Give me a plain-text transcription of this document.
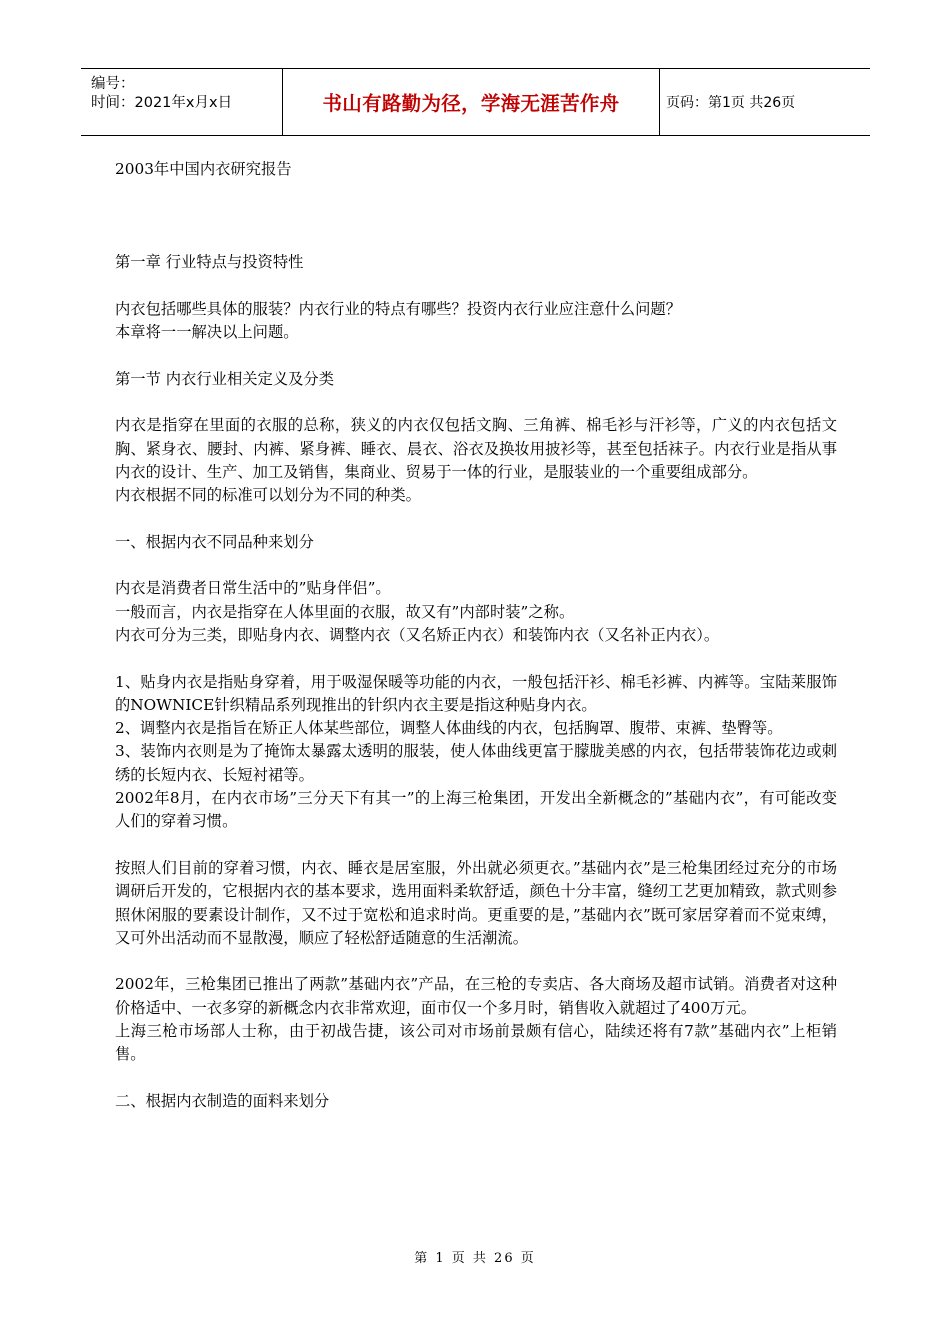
编号：
时间：2021年x月x日	书山有路勤为径，学海无涯苦作舟	页码：第1页 共26页

2003年中国内衣研究报告

第一章 行业特点与投资特性

内衣包括哪些具体的服装？内衣行业的特点有哪些？投资内衣行业应注意什么问题？

本章将一一解决以上问题。

第一节 内衣行业相关定义及分类

内衣是指穿在里面的衣服的总称，狭义的内衣仅包括文胸、三角裤、棉毛衫与汗衫等，广义的内衣包括文胸、紧身衣、腰封、内裤、紧身裤、睡衣、晨衣、浴衣及换妆用披衫等，甚至包括袜子。内衣行业是指从事内衣的设计、生产、加工及销售，集商业、贸易于一体的行业，是服装业的一个重要组成部分。

内衣根据不同的标准可以划分为不同的种类。

一、根据内衣不同品种来划分

内衣是消费者日常生活中的”贴身伴侣”。

一般而言，内衣是指穿在人体里面的衣服，故又有”内部时装”之称。

内衣可分为三类，即贴身内衣、调整内衣（又名矫正内衣）和装饰内衣（又名补正内衣）。

1、贴身内衣是指贴身穿着，用于吸湿保暖等功能的内衣，一般包括汗衫、棉毛衫裤、内裤等。宝陆莱服饰的NOWNICE针织精品系列现推出的针织内衣主要是指这种贴身内衣。

2、调整内衣是指旨在矫正人体某些部位，调整人体曲线的内衣，包括胸罩、腹带、束裤、垫臀等。

3、装饰内衣则是为了掩饰太暴露太透明的服装，使人体曲线更富于朦胧美感的内衣，包括带装饰花边或刺绣的长短内衣、长短衬裙等。

2002年8月，在内衣市场”三分天下有其一”的上海三枪集团，开发出全新概念的”基础内衣”，有可能改变人们的穿着习惯。

按照人们目前的穿着习惯，内衣、睡衣是居室服，外出就必须更衣。”基础内衣”是三枪集团经过充分的市场调研后开发的，它根据内衣的基本要求，选用面料柔软舒适，颜色十分丰富，缝纫工艺更加精致，款式则参照休闲服的要素设计制作，又不过于宽松和追求时尚。更重要的是，”基础内衣”既可家居穿着而不觉束缚，又可外出活动而不显散漫，顺应了轻松舒适随意的生活潮流。

2002年，三枪集团已推出了两款”基础内衣”产品，在三枪的专卖店、各大商场及超市试销。消费者对这种价格适中、一衣多穿的新概念内衣非常欢迎，面市仅一个多月时，销售收入就超过了400万元。

上海三枪市场部人士称，由于初战告捷，该公司对市场前景颇有信心，陆续还将有7款”基础内衣”上柜销售。

二、根据内衣制造的面料来划分

第 1 页 共 26 页
